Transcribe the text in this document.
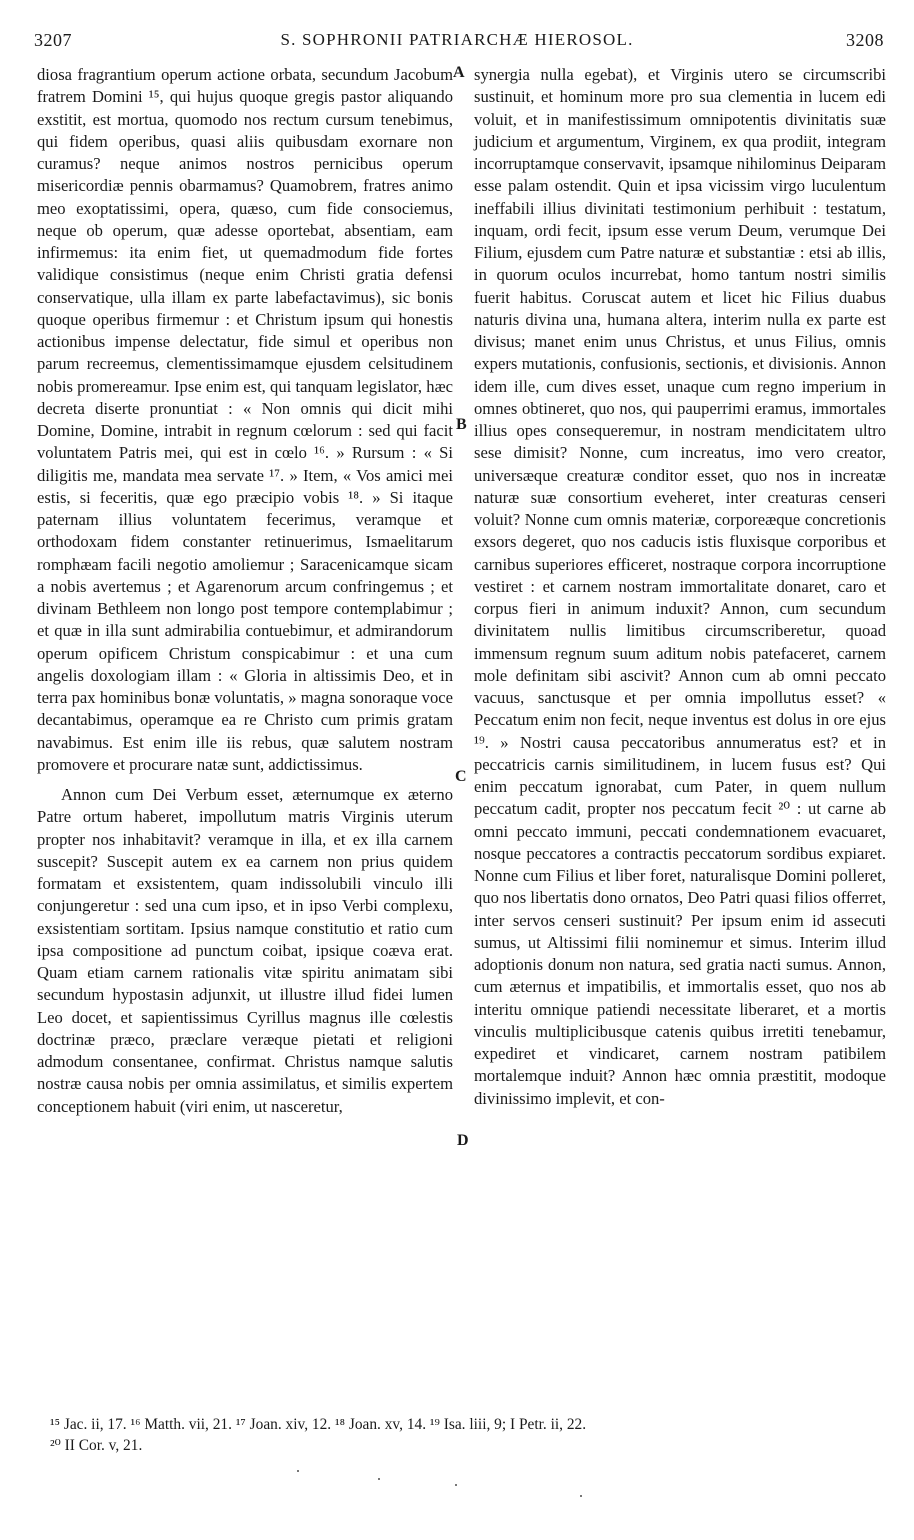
3207	S. SOPHRONII PATRIARCHÆ HIEROSOL.	3208

diosa fragrantium operum actione orbata, secundum Jacobum fratrem Domini ¹⁵, qui hujus quoque gregis pastor aliquando exstitit, est mortua, quomodo nos rectum cursum tenebimus, qui fidem operibus, quasi aliis quibusdam exornare non curamus? neque animos nostros pernicibus operum misericordiæ pennis obarmamus? Quamobrem, fratres animo meo exoptatissimi, opera, quæso, cum fide consociemus, neque ob operum, quæ adesse oportebat, absentiam, eam infirmemus: ita enim fiet, ut quemadmodum fide fortes validique consistimus (neque enim Christi gratia defensi conservatique, ulla illam ex parte labefactavimus), sic bonis quoque operibus firmemur : et Christum ipsum qui honestis actionibus impense delectatur, fide simul et operibus non parum recreemus, clementissimamque ejusdem celsitudinem nobis promereamur. Ipse enim est, qui tanquam legislator, hæc decreta diserte pronuntiat : « Non omnis qui dicit mihi Domine, Domine, intrabit in regnum cœlorum : sed qui facit voluntatem Patris mei, qui est in cœlo ¹⁶. » Rursum : « Si diligitis me, mandata mea servate ¹⁷. » Item, « Vos amici mei estis, si feceritis, quæ ego præcipio vobis ¹⁸. » Si itaque paternam illius voluntatem fecerimus, veramque et orthodoxam fidem constanter retinuerimus, Ismaelitarum romphæam facili negotio amoliemur ; Saracenicamque sicam a nobis avertemus ; et Agarenorum arcum confringemus ; et divinam Bethleem non longo post tempore contemplabimur ; et quæ in illa sunt admirabilia contuebimur, et admirandorum operum opificem Christum conspicabimur : et una cum angelis doxologiam illam : « Gloria in altissimis Deo, et in terra pax hominibus bonæ voluntatis, » magna sonoraque voce decantabimus, operamque ea re Christo cum primis gratam navabimus. Est enim ille iis rebus, quæ salutem nostram promovere et procurare natæ sunt, addictissimus.

Annon cum Dei Verbum esset, æternumque ex æterno Patre ortum haberet, impollutum matris Virginis uterum propter nos inhabitavit? veramque in illa, et ex illa carnem suscepit? Suscepit autem ex ea carnem non prius quidem formatam et exsistentem, quam indissolubili vinculo illi conjungeretur : sed una cum ipso, et in ipso Verbi complexu, exsistentiam sortitam. Ipsius namque constitutio et ratio cum ipsa compositione ad punctum coibat, ipsique coæva erat. Quam etiam carnem rationalis vitæ spiritu animatam sibi secundum hypostasin adjunxit, ut illustre illud fidei lumen Leo docet, et sapientissimus Cyrillus magnus ille cœlestis doctrinæ præco, præclare veræque pietati et religioni admodum consentanee, confirmat. Christus namque salutis nostræ causa nobis per omnia assimilatus, et similis expertem conceptionem habuit (viri enim, ut nasceretur,

A
B
C
D

synergia nulla egebat), et Virginis utero se circumscribi sustinuit, et hominum more pro sua clementia in lucem edi voluit, et in manifestissimum omnipotentis divinitatis suæ judicium et argumentum, Virginem, ex qua prodiit, integram incorruptamque conservavit, ipsamque nihilominus Deiparam esse palam ostendit. Quin et ipsa vicissim virgo luculentum ineffabili illius divinitati testimonium perhibuit : testatum, inquam, ordi fecit, ipsum esse verum Deum, verumque Dei Filium, ejusdem cum Patre naturæ et substantiæ : etsi ab illis, in quorum oculos incurrebat, homo tantum nostri similis fuerit habitus. Coruscat autem et licet hic Filius duabus naturis divina una, humana altera, interim nulla ex parte est divisus; manet enim unus Christus, et unus Filius, omnis expers mutationis, confusionis, sectionis, et divisionis. Annon idem ille, cum dives esset, unaque cum regno imperium in omnes obtineret, quo nos, qui pauperrimi eramus, immortales illius opes consequeremur, in nostram mendicitatem ultro sese dimisit? Nonne, cum increatus, imo vero creator, universæque creaturæ conditor esset, quo nos in increatæ naturæ suæ consortium eveheret, inter creaturas censeri voluit? Nonne cum omnis materiæ, corporeæque concretionis exsors degeret, quo nos caducis istis fluxisque corporibus et carnibus superiores efficeret, nostraque corpora incorruptione vestiret : et carnem nostram immortalitate donaret, caro et corpus fieri in animum induxit? Annon, cum secundum divinitatem nullis limitibus circumscriberetur, quoad immensum regnum suum aditum nobis patefaceret, carnem mole definitam sibi ascivit? Annon cum ab omni peccato vacuus, sanctusque et per omnia impollutus esset? « Peccatum enim non fecit, neque inventus est dolus in ore ejus ¹⁹. » Nostri causa peccatoribus annumeratus est? et in peccatricis carnis similitudinem, in lucem fusus est? Qui enim peccatum ignorabat, cum Pater, in quem nullum peccatum cadit, propter nos peccatum fecit ²⁰ : ut carne ab omni peccato immuni, peccati condemnationem evacuaret, nosque peccatores a contractis peccatorum sordibus expiaret. Nonne cum Filius et liber foret, naturalisque Domini polleret, quo nos libertatis dono ornatos, Deo Patri quasi filios offerret, inter servos censeri sustinuit? Per ipsum enim id assecuti sumus, ut Altissimi filii nominemur et simus. Interim illud adoptionis donum non natura, sed gratia nacti sumus. Annon, cum æternus et impatibilis, et immortalis esset, quo nos ab interitu omnique patiendi necessitate liberaret, et a mortis vinculis multiplicibusque catenis quibus irretiti tenebamur, expediret et vindicaret, carnem nostram patibilem mortalemque induit? Annon hæc omnia præstitit, modoque divinissimo implevit, et con-

¹⁵ Jac. ii, 17. ¹⁶ Matth. vii, 21. ¹⁷ Joan. xiv, 12. ¹⁸ Joan. xv, 14. ¹⁹ Isa. liii, 9; I Petr. ii, 22.
²⁰ II Cor. v, 21.
